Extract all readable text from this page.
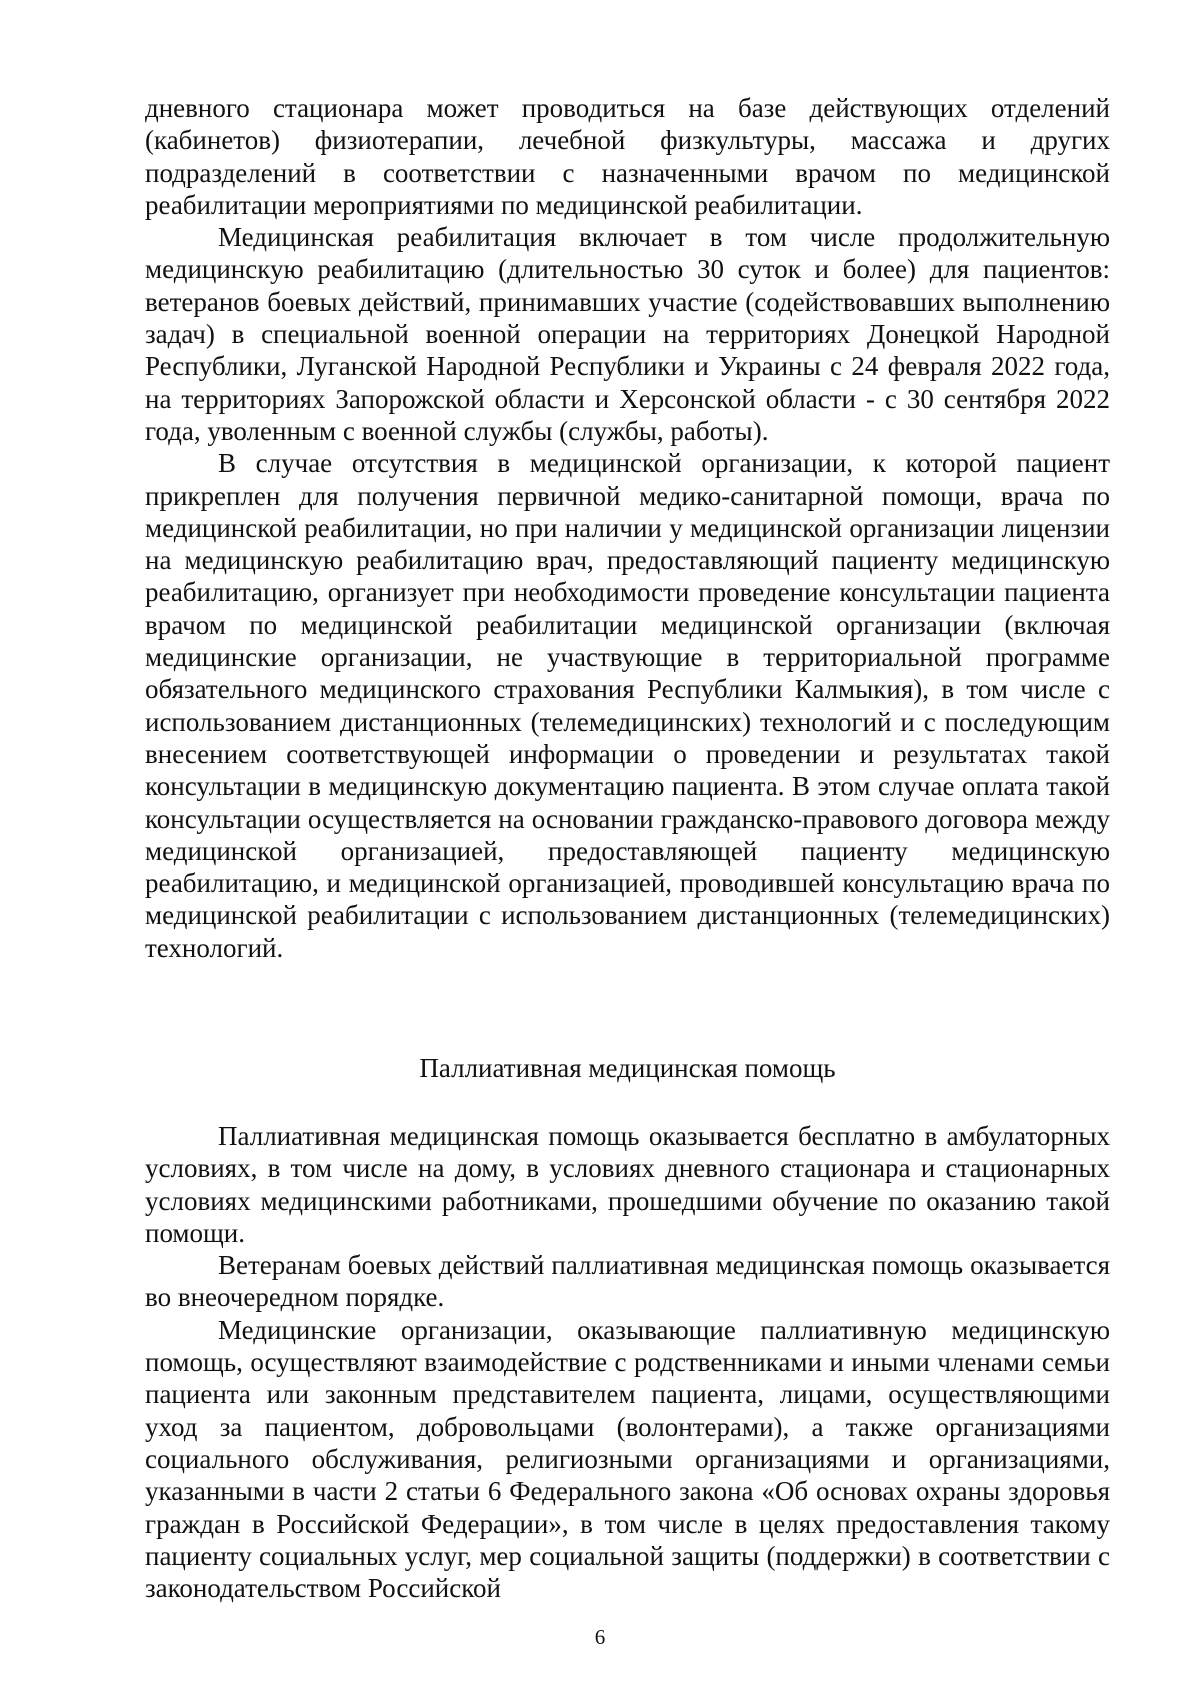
дневного стационара может проводиться на базе действующих отделений (кабинетов) физиотерапии, лечебной физкультуры, массажа и других подразделений в соответствии с назначенными врачом по медицинской реабилитации мероприятиями по медицинской реабилитации.

Медицинская реабилитация включает в том числе продолжительную медицинскую реабилитацию (длительностью 30 суток и более) для пациентов: ветеранов боевых действий, принимавших участие (содействовавших выполнению задач) в специальной военной операции на территориях Донецкой Народной Республики, Луганской Народной Республики и Украины с 24 февраля 2022 года, на территориях Запорожской области и Херсонской области - с 30 сентября 2022 года, уволенным с военной службы (службы, работы).

В случае отсутствия в медицинской организации, к которой пациент прикреплен для получения первичной медико-санитарной помощи, врача по медицинской реабилитации, но при наличии у медицинской организации лицензии на медицинскую реабилитацию врач, предоставляющий пациенту медицинскую реабилитацию, организует при необходимости проведение консультации пациента врачом по медицинской реабилитации медицинской организации (включая медицинские организации, не участвующие в территориальной программе обязательного медицинского страхования Республики Калмыкия), в том числе с использованием дистанционных (телемедицинских) технологий и с последующим внесением соответствующей информации о проведении и результатах такой консультации в медицинскую документацию пациента. В этом случае оплата такой консультации осуществляется на основании гражданско-правового договора между медицинской организацией, предоставляющей пациенту медицинскую реабилитацию, и медицинской организацией, проводившей консультацию врача по медицинской реабилитации с использованием дистанционных (телемедицинских) технологий.

Паллиативная медицинская помощь

Паллиативная медицинская помощь оказывается бесплатно в амбулаторных условиях, в том числе на дому, в условиях дневного стационара и стационарных условиях медицинскими работниками, прошедшими обучение по оказанию такой помощи.

Ветеранам боевых действий паллиативная медицинская помощь оказывается во внеочередном порядке.

Медицинские организации, оказывающие паллиативную медицинскую помощь, осуществляют взаимодействие с родственниками и иными членами семьи пациента или законным представителем пациента, лицами, осуществляющими уход за пациентом, добровольцами (волонтерами), а также организациями социального обслуживания, религиозными организациями и организациями, указанными в части 2 статьи 6 Федерального закона «Об основах охраны здоровья граждан в Российской Федерации», в том числе в целях предоставления такому пациенту социальных услуг, мер социальной защиты (поддержки) в соответствии с законодательством Российской

6
